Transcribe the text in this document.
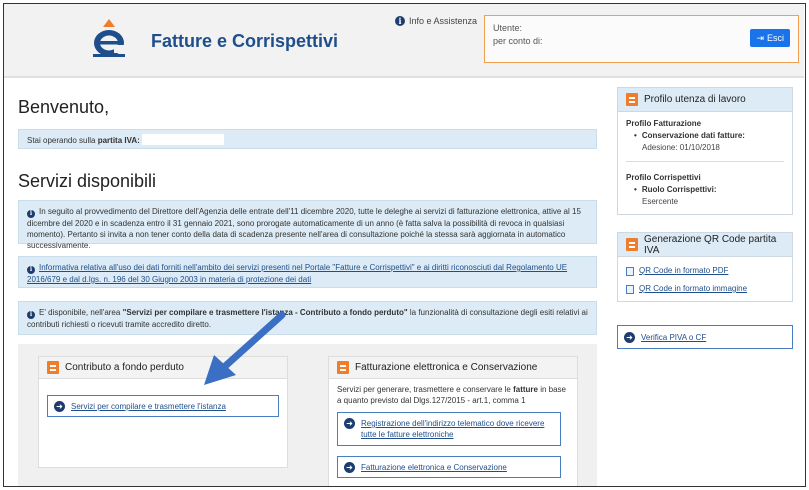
Fatture e Corrispettivi
i Info e Assistenza
Utente:
per conto di:	⇥ Esci
Benvenuto,
Stai operando sulla partita IVA:
Servizi disponibili
i In seguito al provvedimento del Direttore dell'Agenzia delle entrate dell'11 dicembre 2020, tutte le deleghe ai servizi di fatturazione elettronica, attive al 15 dicembre del 2020 e in scadenza entro il 31 gennaio 2021, sono prorogate automaticamente di un anno (è fatta salva la possibilità di revoca in qualsiasi momento). Pertanto si invita a non tener conto della data di scadenza presente nell'area di consultazione poiché la stessa sarà aggiornata in automatico successivamente.
i Informativa relativa all'uso dei dati forniti nell'ambito dei servizi presenti nel Portale "Fatture e Corrispettivi" e ai diritti riconosciuti dal Regolamento UE 2016/679 e dal d.lgs. n. 196 del 30 Giugno 2003 in materia di protezione dei dati
i E' disponibile, nell'area "Servizi per compilare e trasmettere l'istanza - Contributo a fondo perduto" la funzionalità di consultazione degli esiti relativi ai contributi richiesti o ricevuti tramite accredito diretto.
Contributo a fondo perduto
➜ Servizi per compilare e trasmettere l'istanza
Fatturazione elettronica e Conservazione
Servizi per generare, trasmettere e conservare le fatture in base a quanto previsto dal Dlgs.127/2015 - art.1, comma 1
➜ Registrazione dell'indirizzo telematico dove ricevere tutte le fatture elettroniche
➜ Fatturazione elettronica e Conservazione
Profilo utenza di lavoro
Profilo Fatturazione
• Conservazione dati fatture:
Adesione: 01/10/2018
Profilo Corrispettivi
• Ruolo Corrispettivi:
Esercente
Generazione QR Code partita IVA
QR Code in formato PDF
QR Code in formato immagine
➜ Verifica PIVA o CF
